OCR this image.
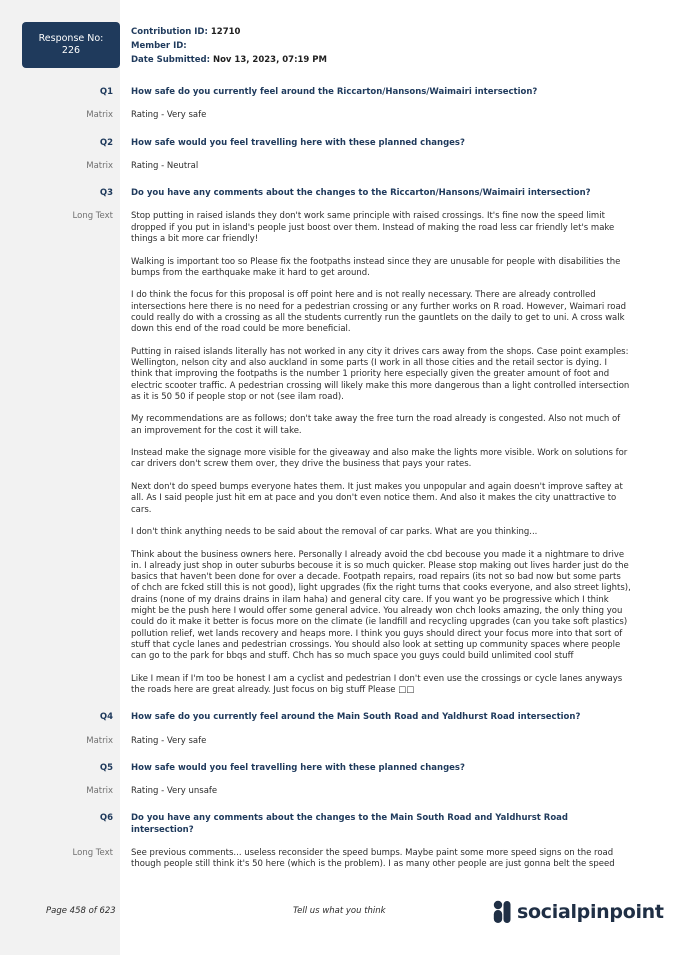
Response No:
226
Contribution ID: 12710
Member ID:
Date Submitted: Nov 13, 2023, 07:19 PM
Q1 How safe do you currently feel around the Riccarton/Hansons/Waimairi intersection?
Matrix Rating - Very safe

Q2 How safe would you feel travelling here with these planned changes?
Matrix Rating - Neutral

Q3 Do you have any comments about the changes to the Riccarton/Hansons/Waimairi intersection?
Long Text Stop putting in raised islands they don't work same principle with raised crossings. It's fine now the speed limit dropped if you put in island's people just boost over them. Instead of making the road less car friendly let's make things a bit more car friendly!

Walking is important too so Please fix the footpaths instead since they are unusable for people with disabilities the bumps from the earthquake make it hard to get around.

I do think the focus for this proposal is off point here and is not really necessary. There are already controlled intersections here there is no need for a pedestrian crossing or any further works on R road. However, Waimari road could really do with a crossing as all the students currently run the gauntlets on the daily to get to uni. A cross walk down this end of the road could be more beneficial.

Putting in raised islands literally has not worked in any city it drives cars away from the shops. Case point examples: Wellington, nelson city and also auckland in some parts (I work in all those cities and the retail sector is dying. I think that improving the footpaths is the number 1 priority here especially given the greater amount of foot and electric scooter traffic. A pedestrian crossing will likely make this more dangerous than a light controlled intersection as it is 50 50 if people stop or not (see ilam road).

My recommendations are as follows; don't take away the free turn the road already is congested. Also not much of an improvement for the cost it will take.

Instead make the signage more visible for the giveaway and also make the lights more visible. Work on solutions for car drivers don't screw them over, they drive the business that pays your rates.

Next don't do speed bumps everyone hates them. It just makes you unpopular and again doesn't improve saftey at all. As I said people just hit em at pace and you don't even notice them. And also it makes the city unattractive to cars.

I don't think anything needs to be said about the removal of car parks. What are you thinking...

Think about the business owners here. Personally I already avoid the cbd becouse you made it a nightmare to drive in. I already just shop in outer suburbs becouse it is so much quicker. Please stop making out lives harder just do the basics that haven't been done for over a decade. Footpath repairs, road repairs (its not so bad now but some parts of chch are fcked still this is not good), light upgrades (fix the right turns that cooks everyone, and also street lights), drains (none of my drains drains in ilam haha) and general city care. If you want yo be progressive which I think might be the push here I would offer some general advice. You already won chch looks amazing, the only thing you could do it make it better is focus more on the climate (ie landfill and recycling upgrades (can you take soft plastics) pollution relief, wet lands recovery and heaps more. I think you guys should direct your focus more into that sort of stuff that cycle lanes and pedestrian crossings. You should also look at setting up community spaces where people can go to the park for bbqs and stuff. Chch has so much space you guys could build unlimited cool stuff

Like I mean if I'm too be honest I am a cyclist and pedestrian I don't even use the crossings or cycle lanes anyways the roads here are great already. Just focus on big stuff Please □□

Q4 How safe do you currently feel around the Main South Road and Yaldhurst Road intersection?
Matrix Rating - Very safe

Q5 How safe would you feel travelling here with these planned changes?
Matrix Rating - Very unsafe

Q6 Do you have any comments about the changes to the Main South Road and Yaldhurst Road intersection?
Long Text See previous comments... useless reconsider the speed bumps. Maybe paint some more speed signs on the road though people still think it's 50 here (which is the problem). I as many other people are just gonna belt the speed

Page 458 of 623	Tell us what you think	socialpinpoint
